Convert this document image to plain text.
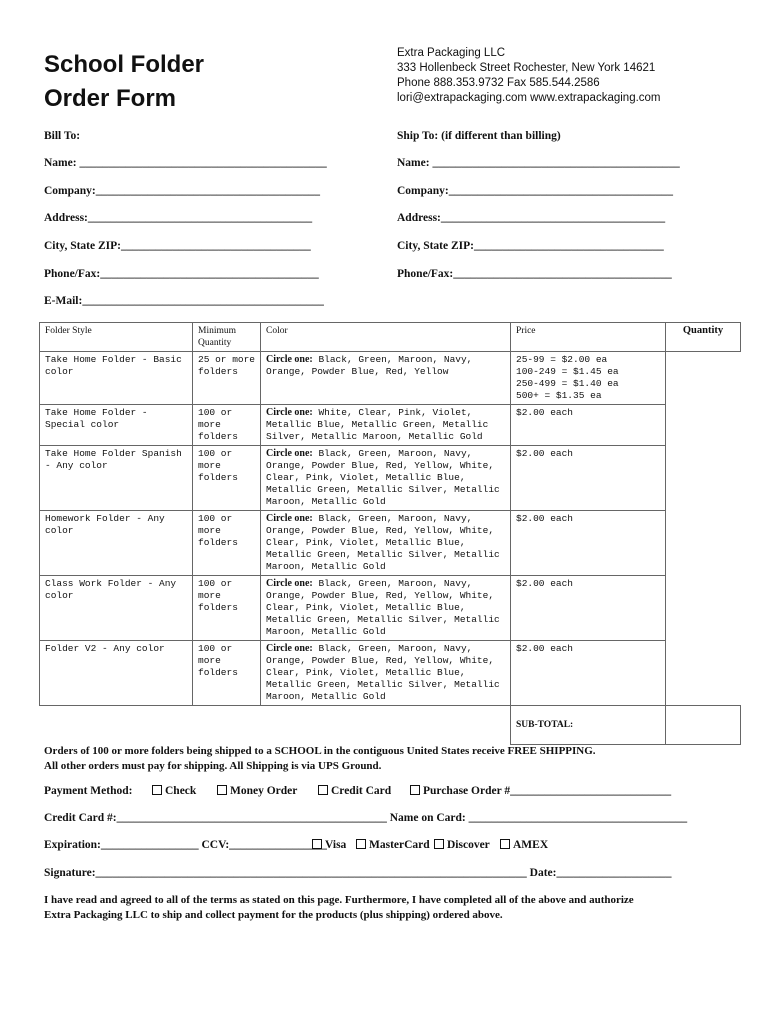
School Folder
Order Form
Extra Packaging LLC
333 Hollenbeck Street Rochester, New York 14621
Phone 888.353.9732 Fax 585.544.2586
lori@extrapackaging.com www.extrapackaging.com
Bill To:
Name: ___________________________________________
Company:_______________________________________
Address:_______________________________________
City, State ZIP:_________________________________
Phone/Fax:______________________________________
E-Mail:__________________________________________
Ship To: (if different than billing)
Name: ___________________________________________
Company:_______________________________________
Address:_______________________________________
City, State ZIP:_________________________________
Phone/Fax:______________________________________
Folder Style	Minimum Quantity	Color	Price	Quantity
Take Home Folder - Basic color	25 or more folders	Circle one: Black, Green, Maroon, Navy, Orange, Powder Blue, Red, Yellow	25-99 = $2.00 ea
100-249 = $1.45 ea
250-499 = $1.40 ea
500+ = $1.35 ea	

Take Home Folder - Special color	100 or more folders	Circle one: White, Clear, Pink, Violet, Metallic Blue, Metallic Green, Metallic Silver, Metallic Maroon, Metallic Gold	$2.00 each	

Take Home Folder Spanish - Any color	100 or more folders	Circle one: Black, Green, Maroon, Navy, Orange, Powder Blue, Red, Yellow, White, Clear, Pink, Violet, Metallic Blue, Metallic Green, Metallic Silver, Metallic Maroon, Metallic Gold	$2.00 each	

Homework Folder - Any color	100 or more folders	Circle one: Black, Green, Maroon, Navy, Orange, Powder Blue, Red, Yellow, White, Clear, Pink, Violet, Metallic Blue, Metallic Green, Metallic Silver, Metallic Maroon, Metallic Gold	$2.00 each	

Class Work Folder - Any color	100 or more folders	Circle one: Black, Green, Maroon, Navy, Orange, Powder Blue, Red, Yellow, White, Clear, Pink, Violet, Metallic Blue, Metallic Green, Metallic Silver, Metallic Maroon, Metallic Gold	$2.00 each	

Folder V2 - Any color	100 or more folders	Circle one: Black, Green, Maroon, Navy, Orange, Powder Blue, Red, Yellow, White, Clear, Pink, Violet, Metallic Blue, Metallic Green, Metallic Silver, Metallic Maroon, Metallic Gold	$2.00 each	

			SUB-TOTAL:	
Orders of 100 or more folders being shipped to a SCHOOL in the contiguous United States receive FREE SHIPPING.
All other orders must pay for shipping. All Shipping is via UPS Ground.
Payment Method:	Check	Money Order	Credit Card	Purchase Order #____________________________
Credit Card #:_______________________________________________ Name on Card: ______________________________________
Expiration:_________________ CCV:_________________
Visa	MasterCard	Discover	AMEX
Signature:___________________________________________________________________________ Date:____________________
I have read and agreed to all of the terms as stated on this page. Furthermore, I have completed all of the above and authorize
Extra Packaging LLC to ship and collect payment for the products (plus shipping) ordered above.
